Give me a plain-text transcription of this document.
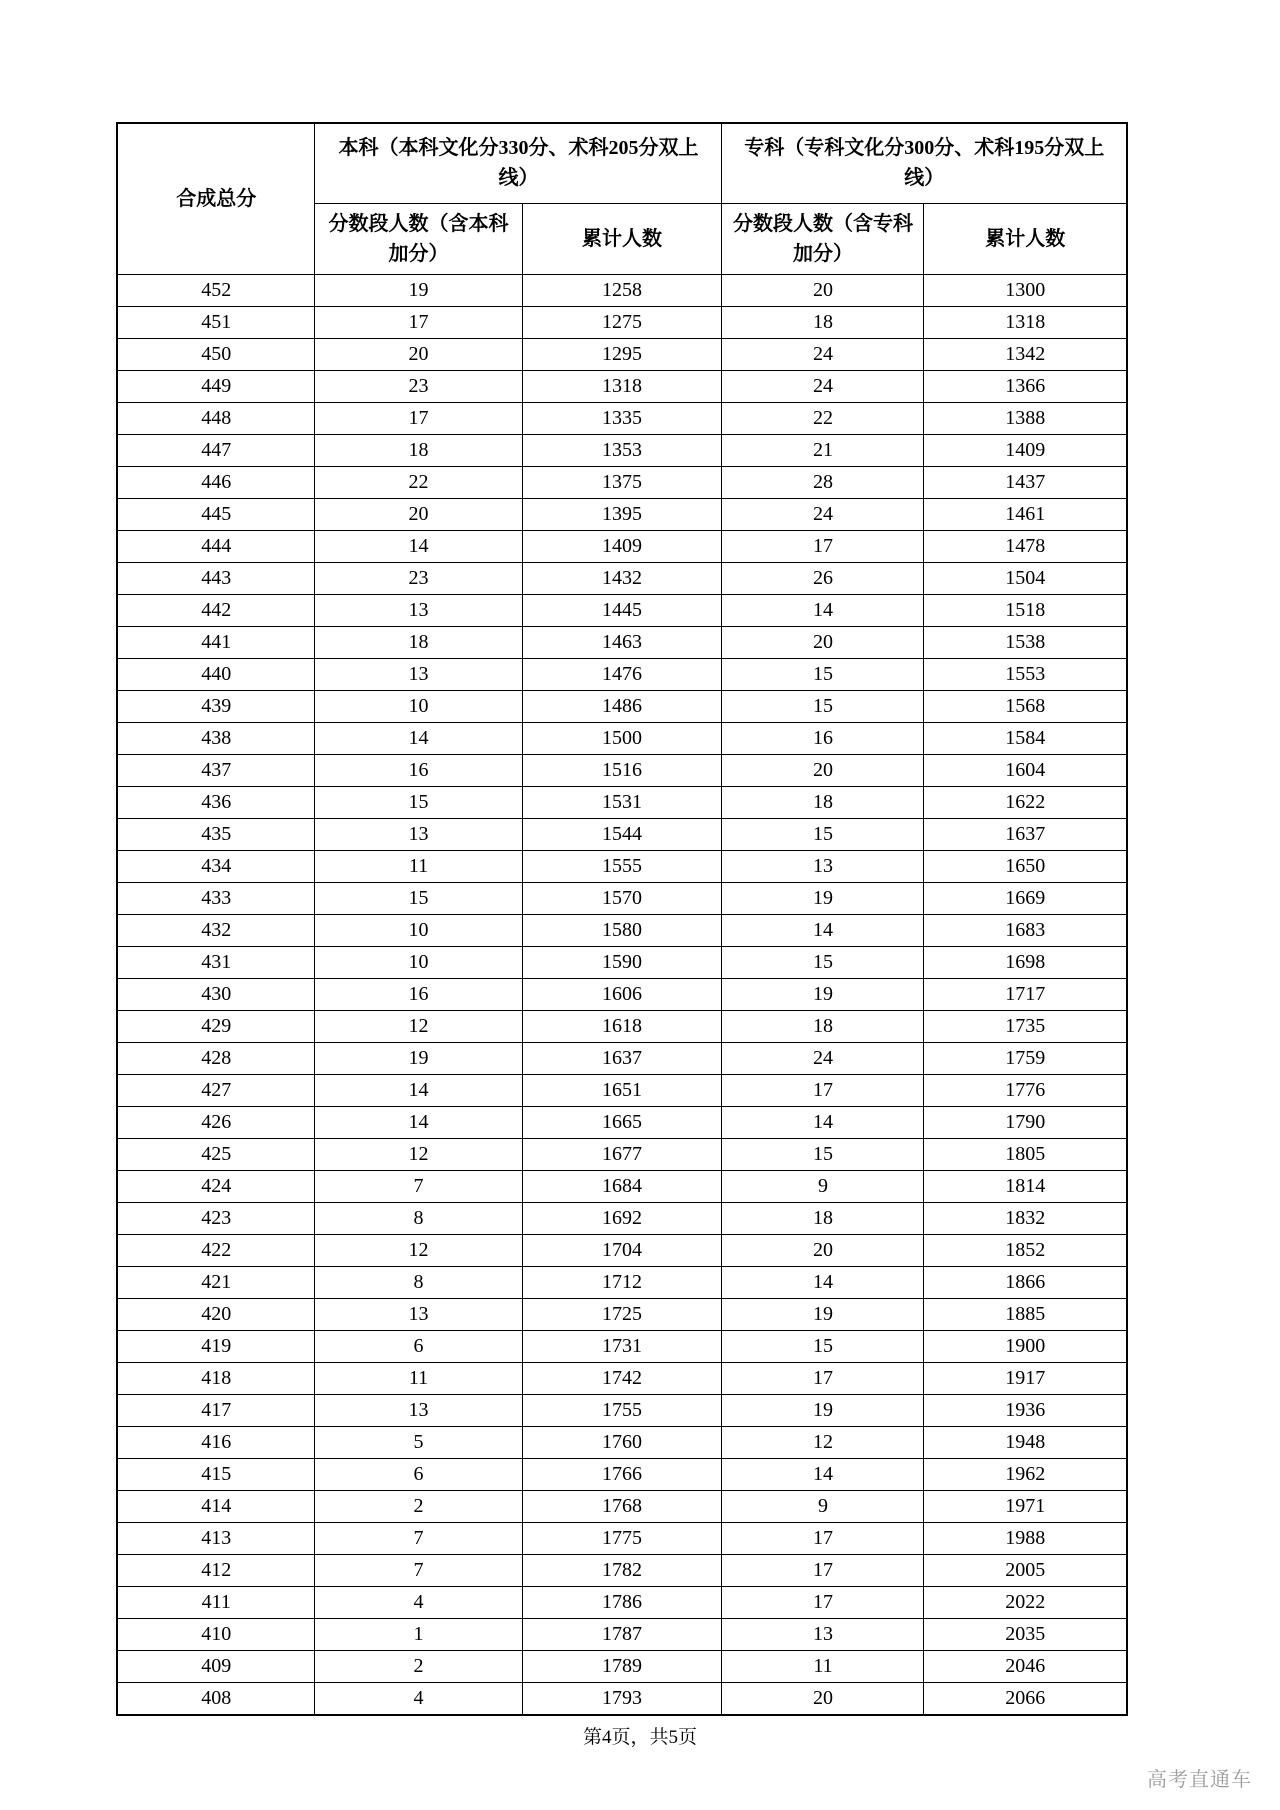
合成总分	本科（本科文化分330分、术科205分双上线）		专科（专科文化分300分、术科195分双上线）	
	分数段人数（含本科加分）	累计人数	分数段人数（含专科加分）	累计人数
452	19	1258	20	1300
451	17	1275	18	1318
450	20	1295	24	1342
449	23	1318	24	1366
448	17	1335	22	1388
447	18	1353	21	1409
446	22	1375	28	1437
445	20	1395	24	1461
444	14	1409	17	1478
443	23	1432	26	1504
442	13	1445	14	1518
441	18	1463	20	1538
440	13	1476	15	1553
439	10	1486	15	1568
438	14	1500	16	1584
437	16	1516	20	1604
436	15	1531	18	1622
435	13	1544	15	1637
434	11	1555	13	1650
433	15	1570	19	1669
432	10	1580	14	1683
431	10	1590	15	1698
430	16	1606	19	1717
429	12	1618	18	1735
428	19	1637	24	1759
427	14	1651	17	1776
426	14	1665	14	1790
425	12	1677	15	1805
424	7	1684	9	1814
423	8	1692	18	1832
422	12	1704	20	1852
421	8	1712	14	1866
420	13	1725	19	1885
419	6	1731	15	1900
418	11	1742	17	1917
417	13	1755	19	1936
416	5	1760	12	1948
415	6	1766	14	1962
414	2	1768	9	1971
413	7	1775	17	1988
412	7	1782	17	2005
411	4	1786	17	2022
410	1	1787	13	2035
409	2	1789	11	2046
408	4	1793	20	2066
第4页，共5页
高考直通车
